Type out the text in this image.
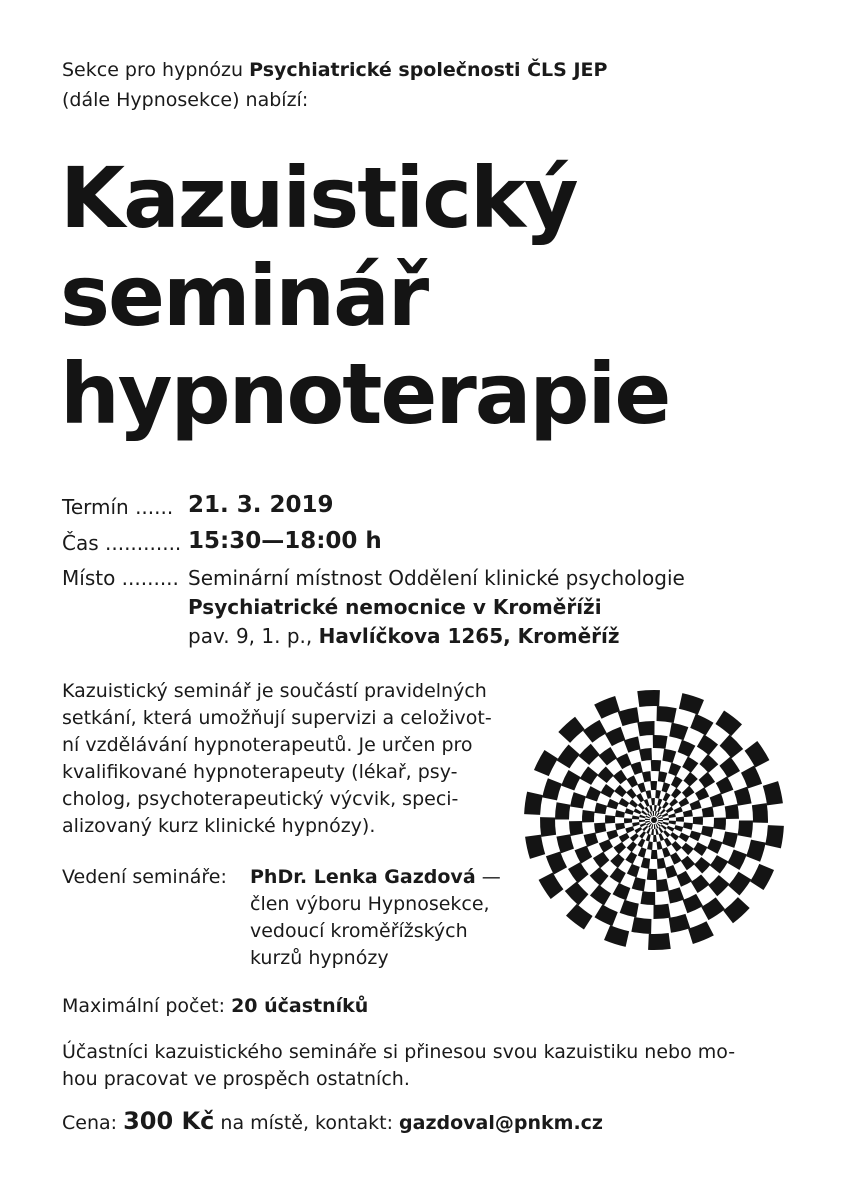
Sekce pro hypnózu Psychiatrické společnosti ČLS JEP
(dále Hypnosekce) nabízí:
Kazuistický
seminář
hypnoterapie
Termín ...... 21. 3. 2019
Čas ............ 15:30—18:00 h
Místo ......... Seminární místnost Oddělení klinické psychologie
Psychiatrické nemocnice v Kroměříži
pav. 9, 1. p., Havlíčkova 1265, Kroměříž
Kazuistický seminář je součástí pravidelných
setkání, která umožňují supervizi a celoživot-
ní vzdělávání hypnoterapeutů. Je určen pro
kvalifikované hypnoterapeuty (lékař, psy-
cholog, psychoterapeutický výcvik, speci-
alizovaný kurz klinické hypnózy).
Vedení semináře: PhDr. Lenka Gazdová —
člen výboru Hypnosekce,
vedoucí kroměřížských
kurzů hypnózy
Maximální počet: 20 účastníků
Účastníci kazuistického semináře si přinesou svou kazuistiku nebo mo-
hou pracovat ve prospěch ostatních.
Cena: 300 Kč na místě, kontakt: gazdoval@pnkm.cz
